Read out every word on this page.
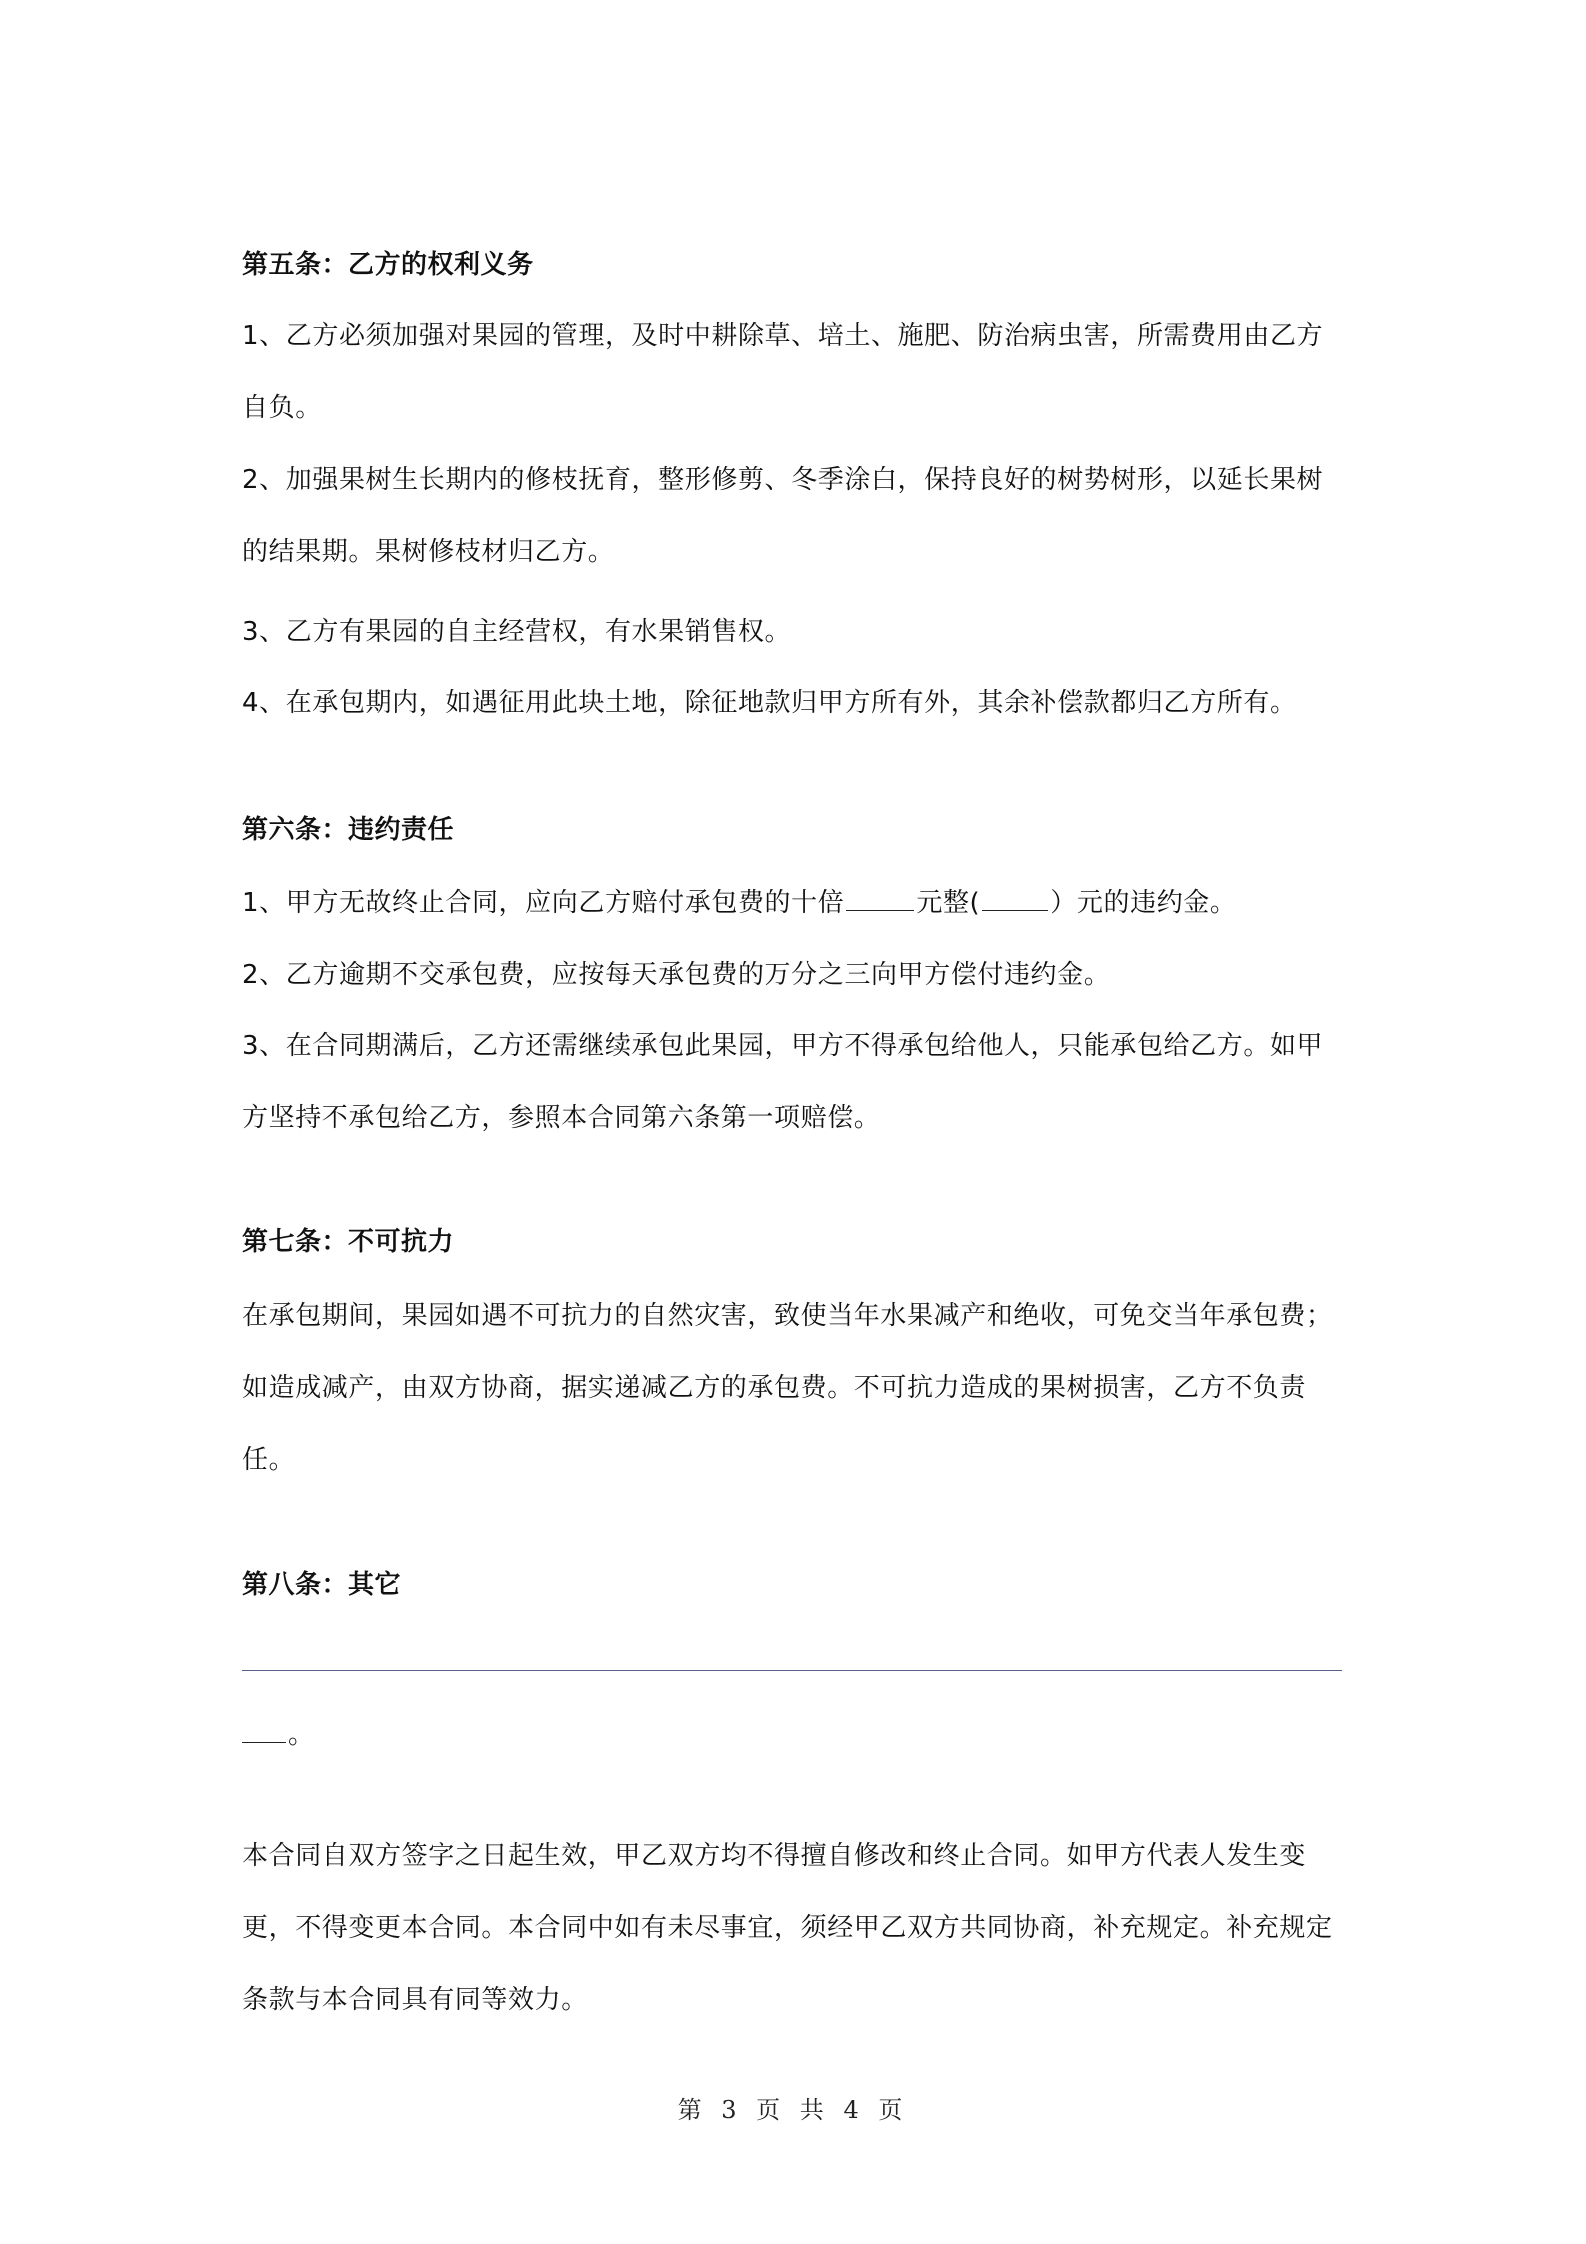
第五条：乙方的权利义务

1、乙方必须加强对果园的管理，及时中耕除草、培土、施肥、防治病虫害，所需费用由乙方自负。

2、加强果树生长期内的修枝抚育，整形修剪、冬季涂白，保持良好的树势树形，以延长果树的结果期。果树修枝材归乙方。

3、乙方有果园的自主经营权，有水果销售权。

4、在承包期内，如遇征用此块土地，除征地款归甲方所有外，其余补偿款都归乙方所有。

第六条：违约责任

1、甲方无故终止合同，应向乙方赔付承包费的十倍	元整(	）元的违约金。

2、乙方逾期不交承包费，应按每天承包费的万分之三向甲方偿付违约金。

3、在合同期满后，乙方还需继续承包此果园，甲方不得承包给他人，只能承包给乙方。如甲方坚持不承包给乙方，参照本合同第六条第一项赔偿。

第七条：不可抗力

在承包期间，果园如遇不可抗力的自然灾害，致使当年水果减产和绝收，可免交当年承包费；如造成减产，由双方协商，据实递减乙方的承包费。不可抗力造成的果树损害，乙方不负责任。

第八条：其它

。

本合同自双方签字之日起生效，甲乙双方均不得擅自修改和终止合同。如甲方代表人发生变更，不得变更本合同。本合同中如有未尽事宜，须经甲乙双方共同协商，补充规定。补充规定条款与本合同具有同等效力。

第 3 页 共 4 页
